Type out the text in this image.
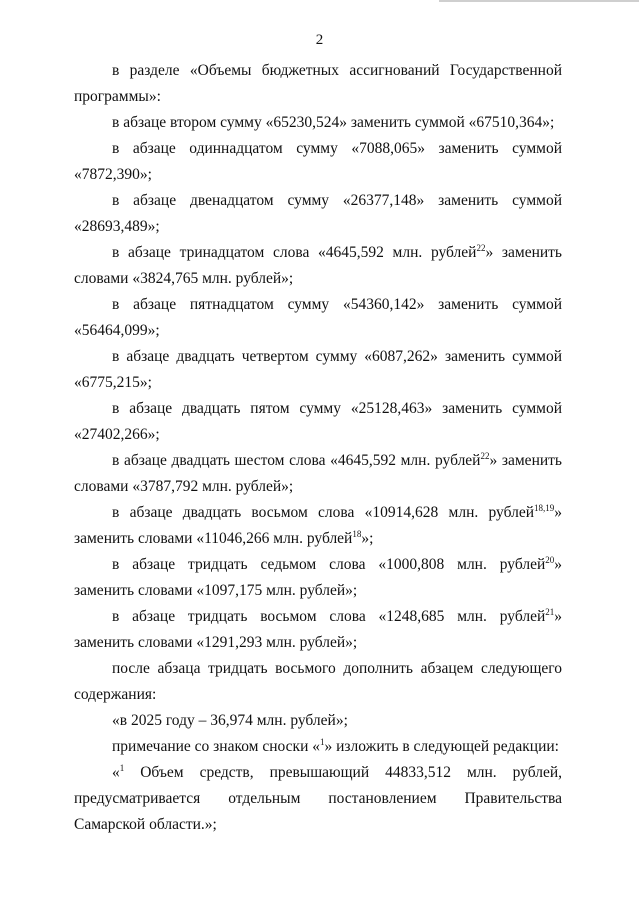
2

в разделе «Объемы бюджетных ассигнований Государственной программы»:

в абзаце втором сумму «65230,524» заменить суммой «67510,364»;

в абзаце одиннадцатом сумму «7088,065» заменить суммой «7872,390»;

в абзаце двенадцатом сумму «26377,148» заменить суммой «28693,489»;

в абзаце тринадцатом слова «4645,592 млн. рублей$^{22}$» заменить словами «3824,765 млн. рублей»;

в абзаце пятнадцатом сумму «54360,142» заменить суммой «56464,099»;

в абзаце двадцать четвертом сумму «6087,262» заменить суммой «6775,215»;

в абзаце двадцать пятом сумму «25128,463» заменить суммой «27402,266»;

в абзаце двадцать шестом слова «4645,592 млн. рублей$^{22}$» заменить словами «3787,792 млн. рублей»;

в абзаце двадцать восьмом слова «10914,628 млн. рублей$^{18,19}$» заменить словами «11046,266 млн. рублей$^{18}$»;

в абзаце тридцать седьмом слова «1000,808 млн. рублей$^{20}$» заменить словами «1097,175 млн. рублей»;

в абзаце тридцать восьмом слова «1248,685 млн. рублей$^{21}$» заменить словами «1291,293 млн. рублей»;

после абзаца тридцать восьмого дополнить абзацем следующего содержания:

«в 2025 году – 36,974 млн. рублей»;

примечание со знаком сноски «$^1$» изложить в следующей редакции:

«$^1$ Объем средств, превышающий 44833,512 млн. рублей, предусматривается отдельным постановлением Правительства Самарской области.»;
